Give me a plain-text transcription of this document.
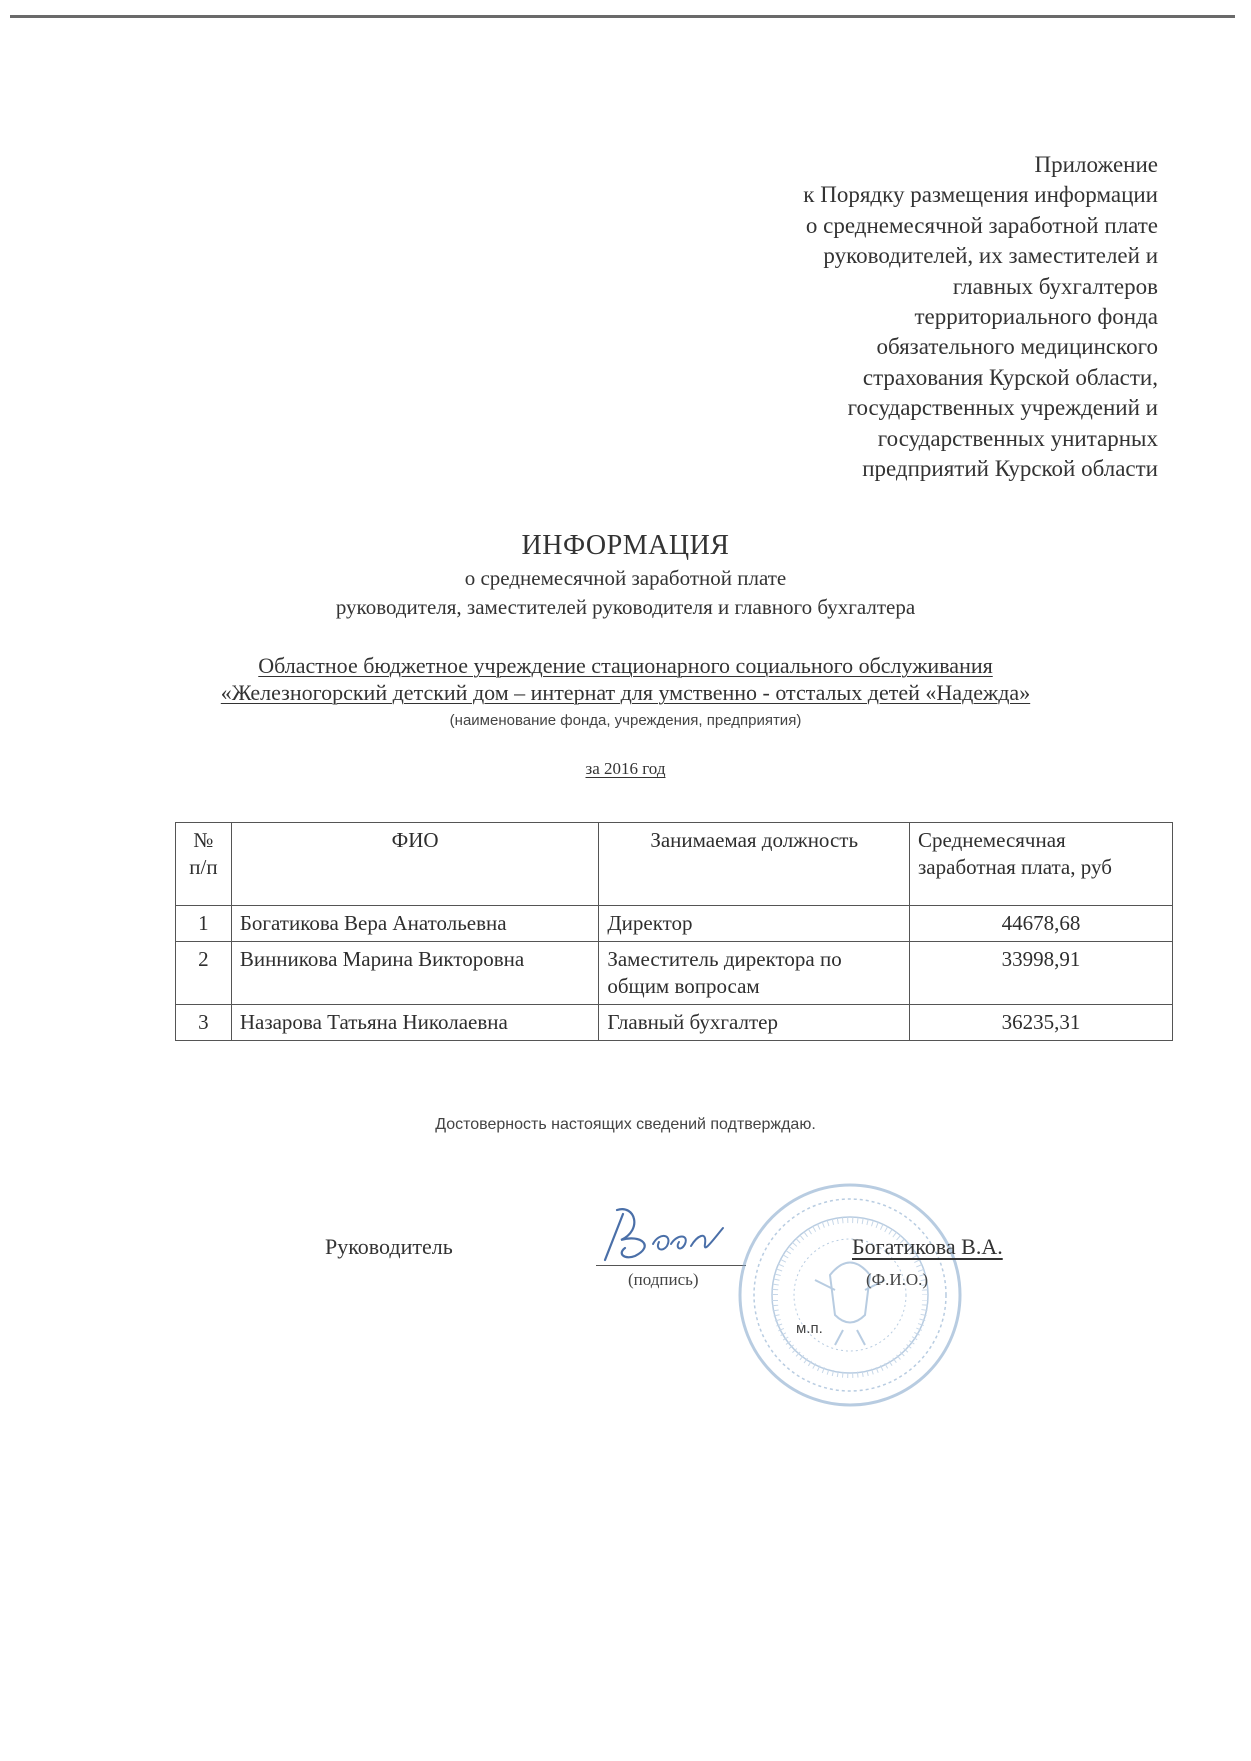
Приложение
к Порядку размещения информации
о среднемесячной заработной плате
руководителей, их заместителей и
главных бухгалтеров
территориального фонда
обязательного медицинского
страхования Курской области,
государственных учреждений и
государственных унитарных
предприятий Курской области
ИНФОРМАЦИЯ
о среднемесячной заработной плате
руководителя, заместителей руководителя и главного бухгалтера
Областное бюджетное учреждение стационарного социального обслуживания
«Железногорский детский дом – интернат для умственно - отсталых детей «Надежда»
(наименование фонда, учреждения, предприятия)
за 2016 год
№ п/п	ФИО	Занимаемая должность	Среднемесячная заработная плата, руб
1	Богатикова Вера Анатольевна	Директор	44678,68
2	Винникова Марина Викторовна	Заместитель директора по общим вопросам	33998,91
3	Назарова Татьяна Николаевна	Главный бухгалтер	36235,31
Достоверность настоящих сведений подтверждаю.
Руководитель
(подпись)
Богатикова В.А.
(Ф.И.О.)
м.п.
